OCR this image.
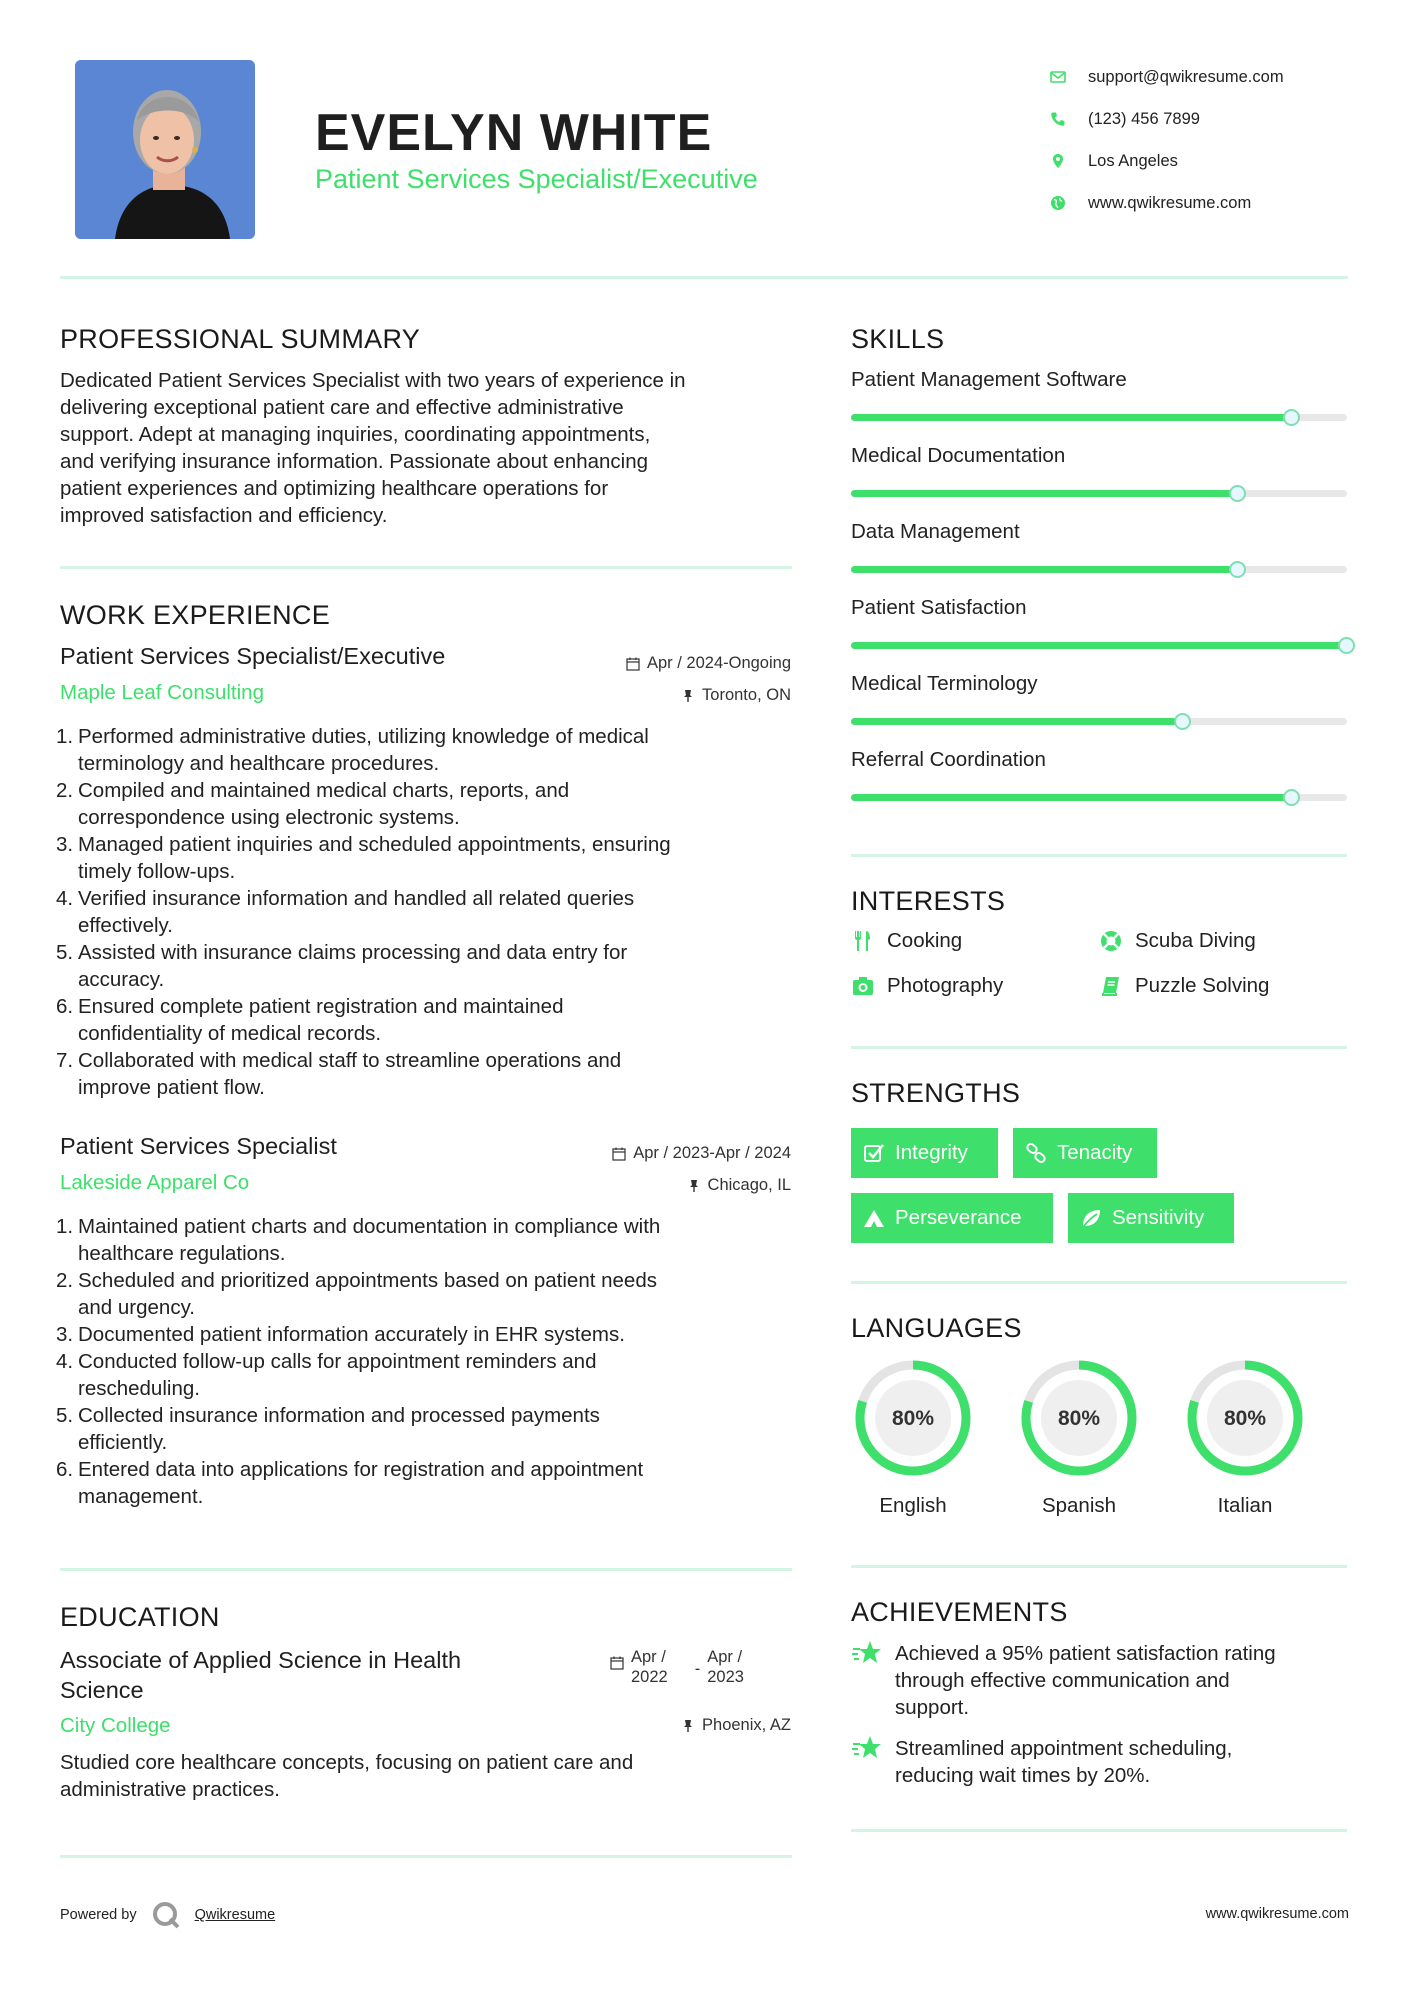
EVELYN WHITE
Patient Services Specialist/Executive
support@qwikresume.com
(123) 456 7899
Los Angeles
www.qwikresume.com
PROFESSIONAL SUMMARY
Dedicated Patient Services Specialist with two years of experience in
delivering exceptional patient care and effective administrative
support. Adept at managing inquiries, coordinating appointments,
and verifying insurance information. Passionate about enhancing
patient experiences and optimizing healthcare operations for
improved satisfaction and efficiency.
WORK EXPERIENCE
Patient Services Specialist/Executive	Apr / 2024-Ongoing
Maple Leaf Consulting	Toronto, ON
Performed administrative duties, utilizing knowledge of medical
terminology and healthcare procedures.
Compiled and maintained medical charts, reports, and
correspondence using electronic systems.
Managed patient inquiries and scheduled appointments, ensuring
timely follow-ups.
Verified insurance information and handled all related queries
effectively.
Assisted with insurance claims processing and data entry for
accuracy.
Ensured complete patient registration and maintained
confidentiality of medical records.
Collaborated with medical staff to streamline operations and
improve patient flow.
Patient Services Specialist	Apr / 2023-Apr / 2024
Lakeside Apparel Co	Chicago, IL
Maintained patient charts and documentation in compliance with
healthcare regulations.
Scheduled and prioritized appointments based on patient needs
and urgency.
Documented patient information accurately in EHR systems.
Conducted follow-up calls for appointment reminders and
rescheduling.
Collected insurance information and processed payments
efficiently.
Entered data into applications for registration and appointment
management.
EDUCATION
Associate of Applied Science in Health
Science
Apr /
2022 -
Apr /
2023
City College	Phoenix, AZ
Studied core healthcare concepts, focusing on patient care and
administrative practices.
SKILLS
Patient Management Software
Medical Documentation
Data Management
Patient Satisfaction
Medical Terminology
Referral Coordination
INTERESTS
Cooking	Scuba Diving
Photography	Puzzle Solving
STRENGTHS
Integrity	Tenacity
Perseverance	Sensitivity
LANGUAGES
80%
English
80%
Spanish
80%
Italian
ACHIEVEMENTS
Achieved a 95% patient satisfaction rating
through effective communication and
support.
Streamlined appointment scheduling,
reducing wait times by 20%.
Powered by	Qwikresume	www.qwikresume.com
